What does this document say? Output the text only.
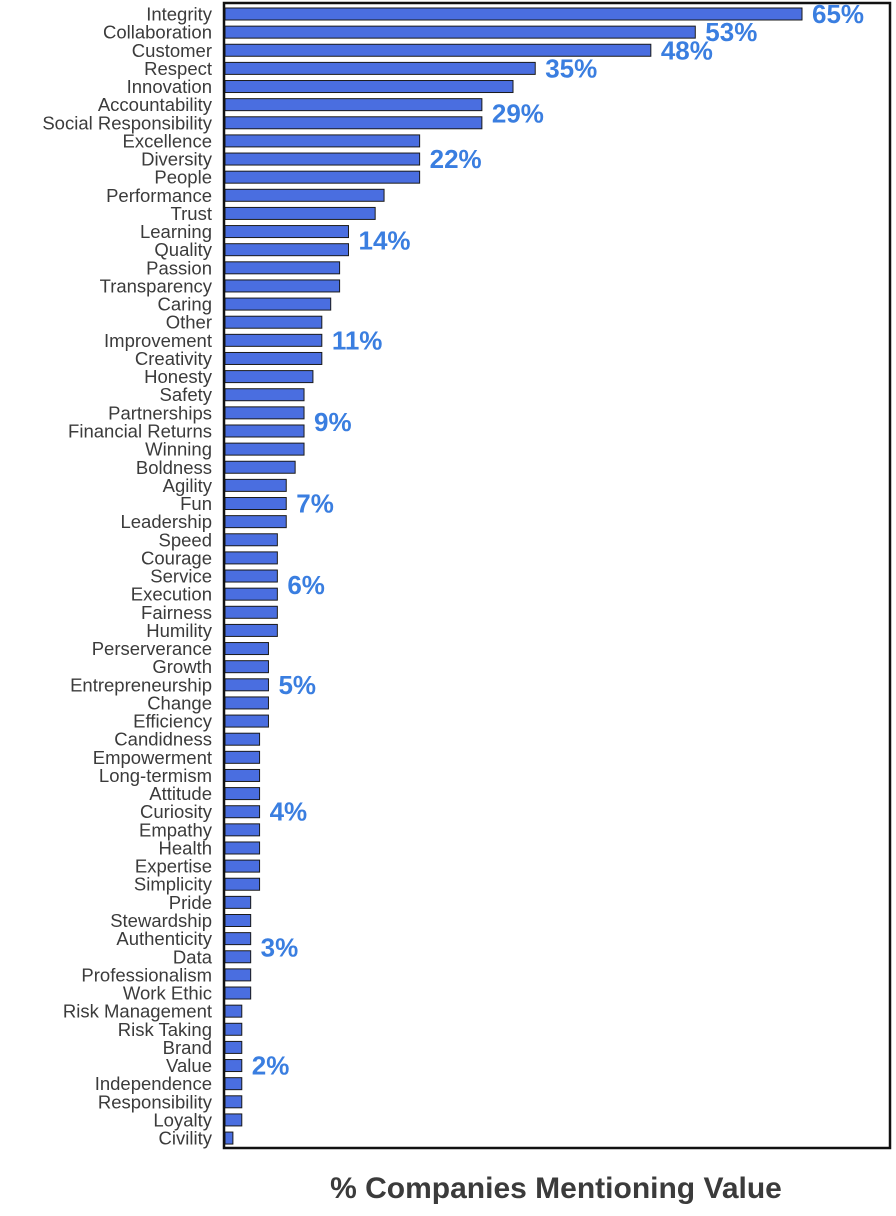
Integrity
Collaboration
Customer
Respect
Innovation
Accountability
Social Responsibility
Excellence
Diversity
People
Performance
Trust
Learning
Quality
Passion
Transparency
Caring
Other
Improvement
Creativity
Honesty
Safety
Partnerships
Financial Returns
Winning
Boldness
Agility
Fun
Leadership
Speed
Courage
Service
Execution
Fairness
Humility
Perserverance
Growth
Entrepreneurship
Change
Efficiency
Candidness
Empowerment
Long-termism
Attitude
Curiosity
Empathy
Health
Expertise
Simplicity
Pride
Stewardship
Authenticity
Data
Professionalism
Work Ethic
Risk Management
Risk Taking
Brand
Value
Independence
Responsibility
Loyalty
Civility
65%
53%
48%
35%
29%
22%
14%
11%
9%
7%
6%
5%
4%
3%
2%
% Companies Mentioning Value
